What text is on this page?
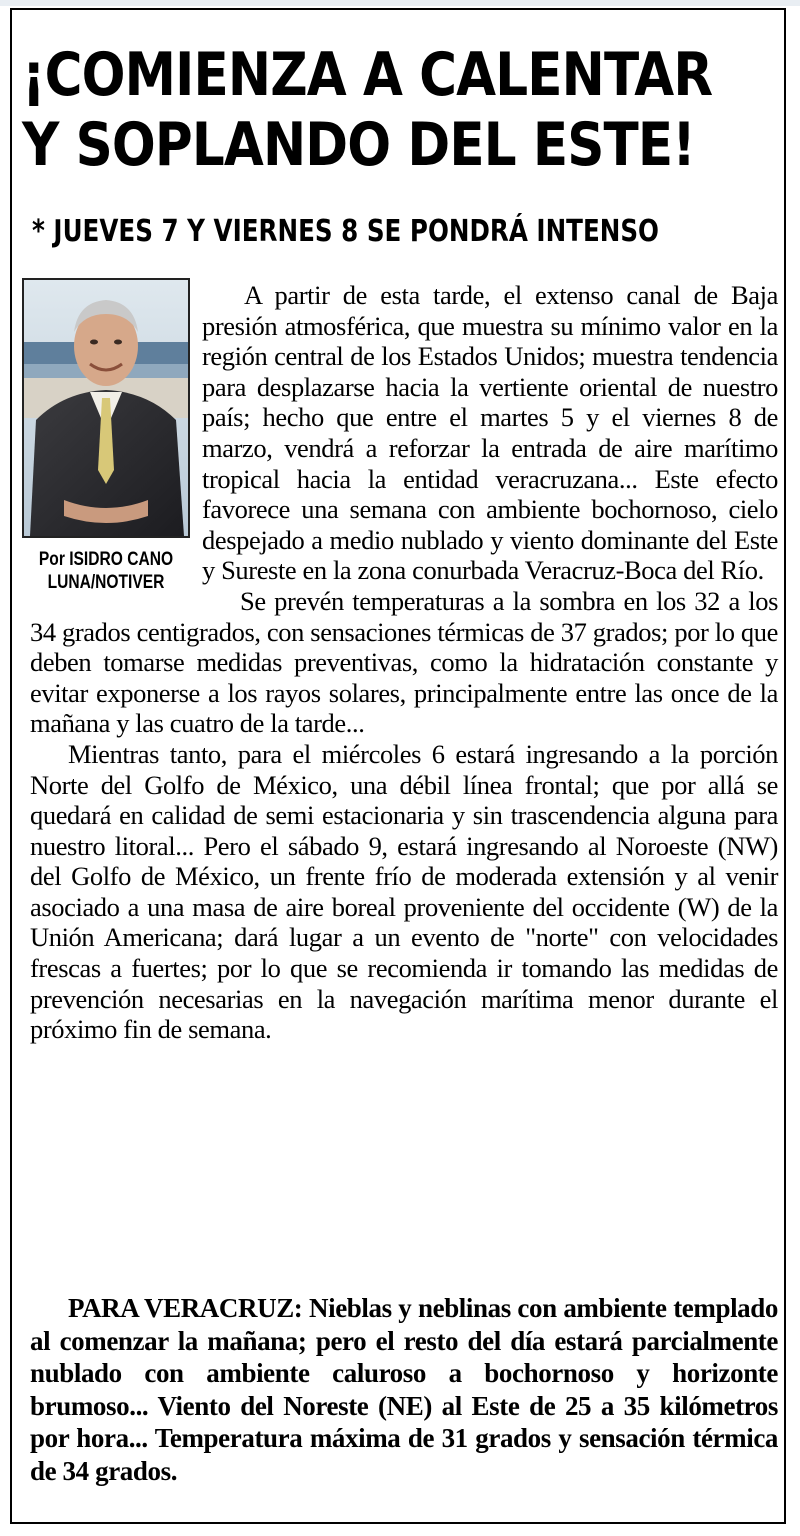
¡COMIENZA A CALENTAR
Y SOPLANDO DEL ESTE!
* JUEVES 7 Y VIERNES 8 SE PONDRÁ INTENSO
Por ISIDRO CANO
LUNA/NOTIVER

A partir de esta tarde, el extenso canal de Baja presión atmosférica, que muestra su mínimo valor en la región central de los Estados Unidos; muestra tendencia para desplazarse hacia la vertiente oriental de nuestro país; hecho que entre el martes 5 y el viernes 8 de marzo, vendrá a reforzar la entrada de aire marítimo tropical hacia la entidad veracruzana... Este efecto favorece una semana con ambiente bochornoso, cielo despejado a medio nublado y viento dominante del Este y Sureste en la zona conurbada Veracruz-Boca del Río.

Se prevén temperaturas a la sombra en los 32 a los 34 grados centigrados, con sensaciones térmicas de 37 grados; por lo que deben tomarse medidas preventivas, como la hidratación constante y evitar exponerse a los rayos solares, principalmente entre las once de la mañana y las cuatro de la tarde...

Mientras tanto, para el miércoles 6 estará ingresando a la porción Norte del Golfo de México, una débil línea frontal; que por allá se quedará en calidad de semi estacionaria y sin trascendencia alguna para nuestro litoral... Pero el sábado 9, estará ingresando al Noroeste (NW) del Golfo de México, un frente frío de moderada extensión y al venir asociado a una masa de aire boreal proveniente del occidente (W) de la Unión Americana; dará lugar a un evento de "norte" con velocidades frescas a fuertes; por lo que se recomienda ir tomando las medidas de prevención necesarias en la navegación marítima menor durante el próximo fin de semana.

PARA VERACRUZ: Nieblas y neblinas con ambiente templado al comenzar la mañana; pero el resto del día estará parcialmente nublado con ambiente caluroso a bochornoso y horizonte brumoso... Viento del Noreste (NE) al Este de 25 a 35 kilómetros por hora... Temperatura máxima de 31 grados y sensación térmica de 34 grados.
